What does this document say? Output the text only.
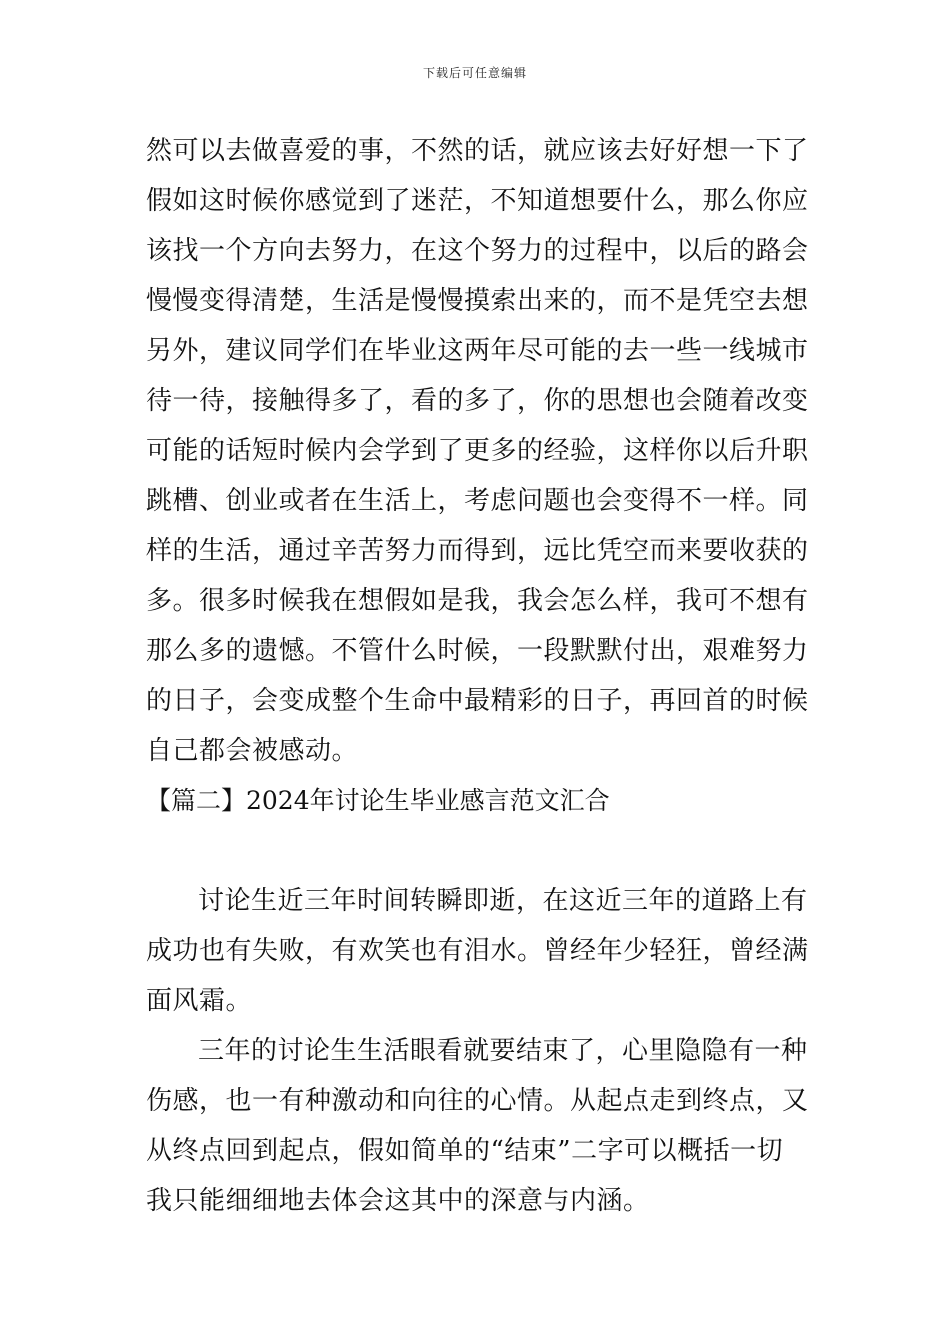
下载后可任意编辑
然可以去做喜爱的事，不然的话，就应该去好好想一下了
假如这时候你感觉到了迷茫，不知道想要什么，那么你应
该找一个方向去努力，在这个努力的过程中，以后的路会
慢慢变得清楚，生活是慢慢摸索出来的，而不是凭空去想
另外，建议同学们在毕业这两年尽可能的去一些一线城市
待一待，接触得多了，看的多了，你的思想也会随着改变
可能的话短时候内会学到了更多的经验，这样你以后升职
跳槽、创业或者在生活上，考虑问题也会变得不一样。同
样的生活，通过辛苦努力而得到，远比凭空而来要收获的
多。很多时候我在想假如是我，我会怎么样，我可不想有
那么多的遗憾。不管什么时候，一段默默付出，艰难努力
的日子，会变成整个生命中最精彩的日子，再回首的时候
自己都会被感动。
【篇二】2024年讨论生毕业感言范文汇合
讨论生近三年时间转瞬即逝，在这近三年的道路上有
成功也有失败，有欢笑也有泪水。曾经年少轻狂，曾经满
面风霜。
三年的讨论生生活眼看就要结束了，心里隐隐有一种
伤感，也一有种激动和向往的心情。从起点走到终点，又
从终点回到起点，假如简单的“结束”二字可以概括一切
我只能细细地去体会这其中的深意与内涵。
